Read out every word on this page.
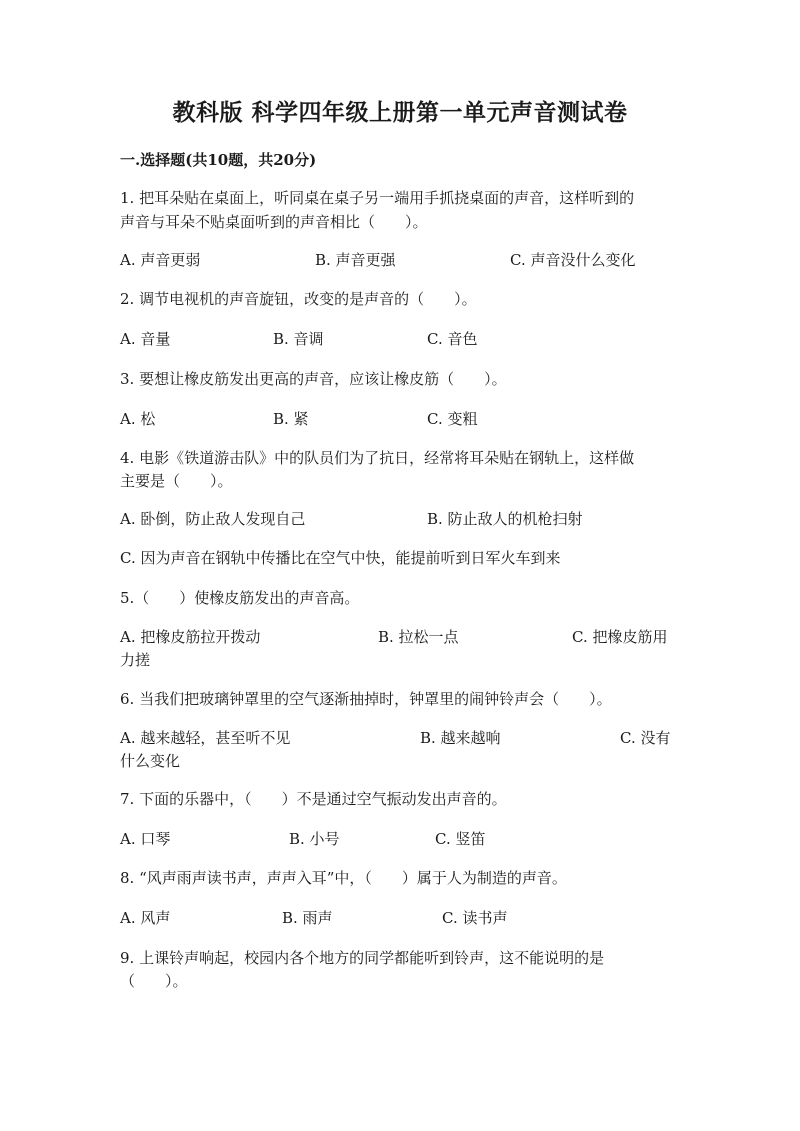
教科版 科学四年级上册第一单元声音测试卷
一.选择题(共10题，共20分)
1. 把耳朵贴在桌面上，听同桌在桌子另一端用手抓挠桌面的声音，这样听到的
声音与耳朵不贴桌面听到的声音相比（　　）。
A. 声音更弱	B. 声音更强	C. 声音没什么变化
2. 调节电视机的声音旋钮，改变的是声音的（　　）。
A. 音量	B. 音调	C. 音色
3. 要想让橡皮筋发出更高的声音，应该让橡皮筋（　　）。
A. 松	B. 紧	C. 变粗
4. 电影《铁道游击队》中的队员们为了抗日，经常将耳朵贴在钢轨上，这样做
主要是（　　）。
A. 卧倒，防止敌人发现自己	B. 防止敌人的机枪扫射
C. 因为声音在钢轨中传播比在空气中快，能提前听到日军火车到来
5.（　　）使橡皮筋发出的声音高。
A. 把橡皮筋拉开拨动	B. 拉松一点	C. 把橡皮筋用
力搓
6. 当我们把玻璃钟罩里的空气逐渐抽掉时，钟罩里的闹钟铃声会（　　）。
A. 越来越轻，甚至听不见	B. 越来越响	C. 没有
什么变化
7. 下面的乐器中，（　　）不是通过空气振动发出声音的。
A. 口琴	B. 小号	C. 竖笛
8. “风声雨声读书声，声声入耳”中，（　　）属于人为制造的声音。
A. 风声	B. 雨声	C. 读书声
9. 上课铃声响起，校园内各个地方的同学都能听到铃声，这不能说明的是
（　　）。
